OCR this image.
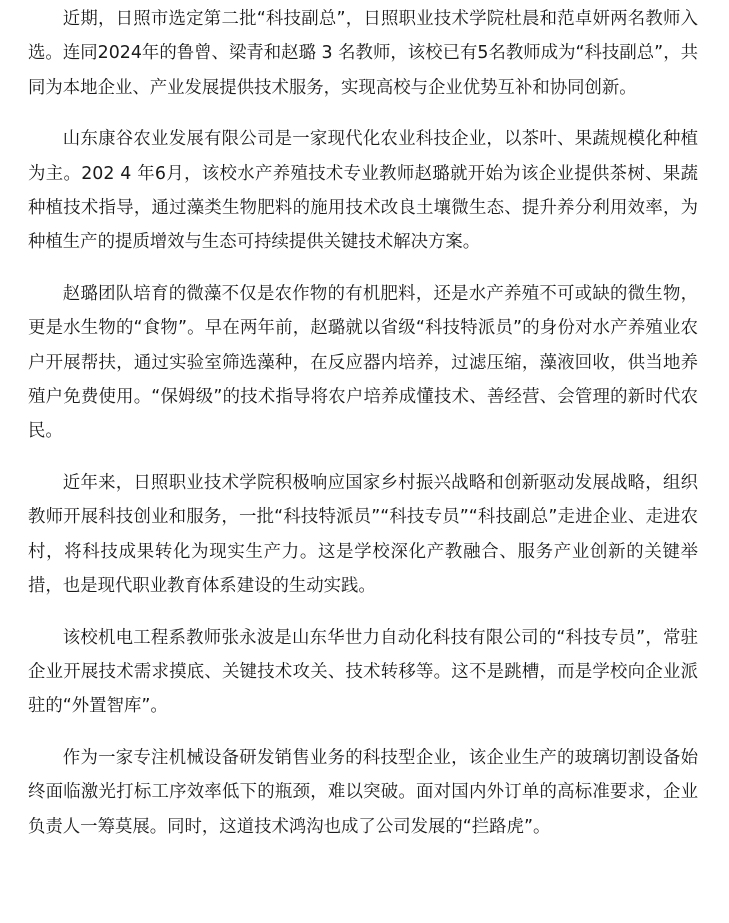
近期，日照市选定第二批“科技副总”，日照职业技术学院杜晨和范卓妍两名教师入选。连同2024年的鲁曾、梁青和赵璐 3 名教师，该校已有5名教师成为“科技副总”，共同为本地企业、产业发展提供技术服务，实现高校与企业优势互补和协同创新。

山东康谷农业发展有限公司是一家现代化农业科技企业，以茶叶、果蔬规模化种植为主。202 4 年6月，该校水产养殖技术专业教师赵璐就开始为该企业提供茶树、果蔬种植技术指导，通过藻类生物肥料的施用技术改良土壤微生态、提升养分利用效率，为种植生产的提质增效与生态可持续提供关键技术解决方案。

赵璐团队培育的微藻不仅是农作物的有机肥料，还是水产养殖不可或缺的微生物，更是水生物的“食物”。早在两年前，赵璐就以省级“科技特派员”的身份对水产养殖业农户开展帮扶，通过实验室筛选藻种，在反应器内培养，过滤压缩，藻液回收，供当地养殖户免费使用。“保姆级”的技术指导将农户培养成懂技术、善经营、会管理的新时代农民。

近年来，日照职业技术学院积极响应国家乡村振兴战略和创新驱动发展战略，组织教师开展科技创业和服务，一批“科技特派员”“科技专员”“科技副总”走进企业、走进农村，将科技成果转化为现实生产力。这是学校深化产教融合、服务产业创新的关键举措，也是现代职业教育体系建设的生动实践。

该校机电工程系教师张永波是山东华世力自动化科技有限公司的“科技专员”，常驻企业开展技术需求摸底、关键技术攻关、技术转移等。这不是跳槽，而是学校向企业派驻的“外置智库”。

作为一家专注机械设备研发销售业务的科技型企业，该企业生产的玻璃切割设备始终面临激光打标工序效率低下的瓶颈，难以突破。面对国内外订单的高标准要求，企业负责人一筹莫展。同时，这道技术鸿沟也成了公司发展的“拦路虎”。
